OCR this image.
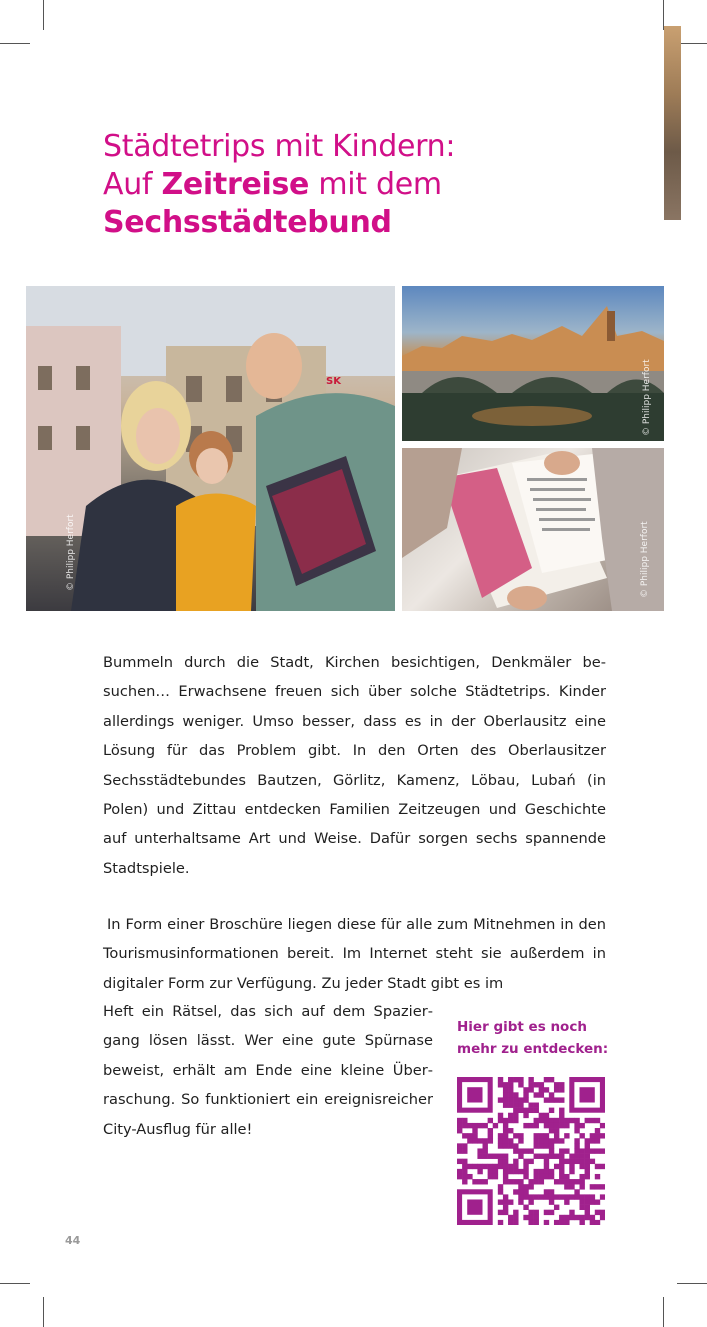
Städtetrips mit Kindern:
Auf Zeitreise mit dem
Sechsstädtebund
SK
© Philipp Herfort
© Philipp Herfort
© Philipp Herfort

Bummeln durch die Stadt, Kirchen besichtigen, Denkmäler besuchen… Erwachsene freuen sich über solche Städtetrips. Kinder allerdings weniger. Umso besser, dass es in der Oberlausitz eine Lösung für das Problem gibt. In den Orten des Oberlausitzer Sechsstädtebundes Bautzen, Görlitz, Kamenz, Löbau, Lubań (in Polen) und Zittau entdecken Familien Zeitzeugen und Geschichte auf unterhaltsame Art und Weise. Dafür sorgen sechs spannende Stadtspiele.

In Form einer Broschüre liegen diese für alle zum Mitnehmen in den Tourismusinformationen bereit. Im Internet steht sie außerdem in digitaler Form zur Verfügung. Zu jeder Stadt gibt es im

Heft ein Rätsel, das sich auf dem Spaziergang lösen lässt. Wer eine gute Spürnase beweist, erhält am Ende eine kleine Überraschung. So funktioniert ein ereignisreicher City-Ausflug für alle!

Hier gibt es noch
mehr zu entdecken:
44
